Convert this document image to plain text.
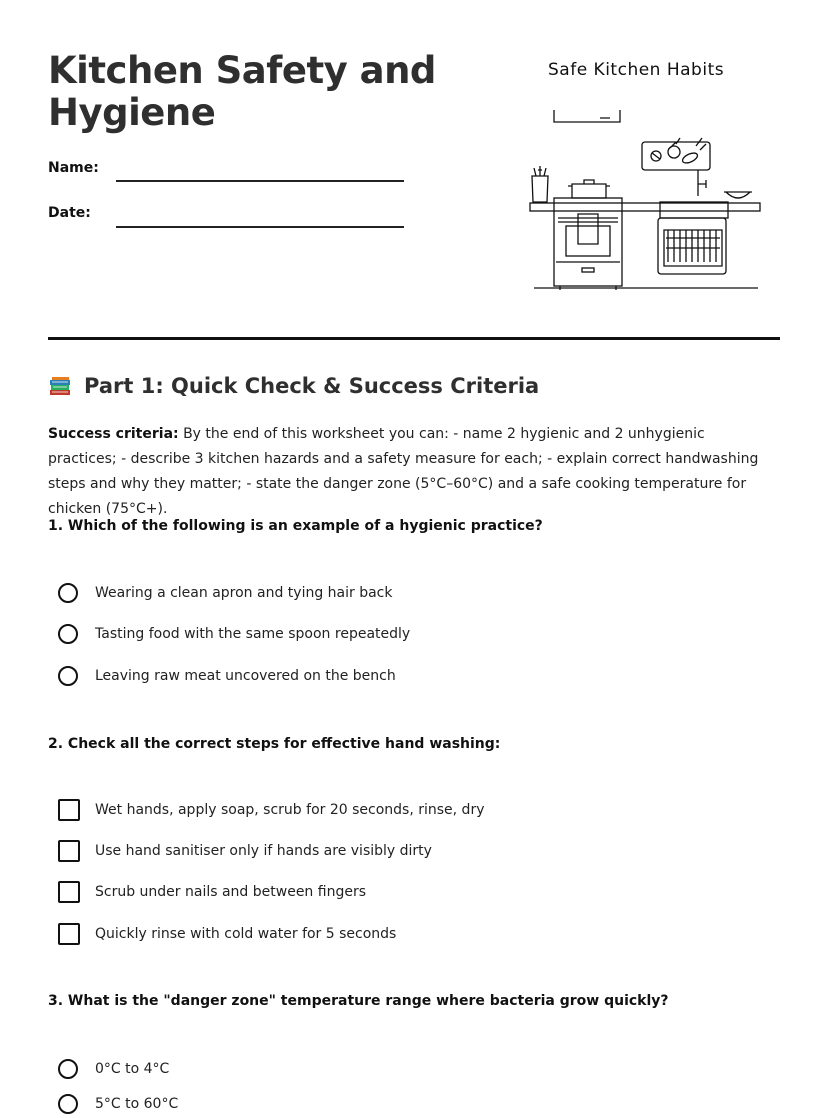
Kitchen Safety and
Hygiene
Name:
Date:
Safe Kitchen Habits
Part 1: Quick Check & Success Criteria

Success criteria: By the end of this worksheet you can: - name 2 hygienic and 2 unhygienic practices; - describe 3 kitchen hazards and a safety measure for each; - explain correct handwashing steps and why they matter; - state the danger zone (5°C–60°C) and a safe cooking temperature for chicken (75°C+).

1. Which of the following is an example of a hygienic practice?

Wearing a clean apron and tying hair back
Tasting food with the same spoon repeatedly
Leaving raw meat uncovered on the bench

2. Check all the correct steps for effective hand washing:

Wet hands, apply soap, scrub for 20 seconds, rinse, dry
Use hand sanitiser only if hands are visibly dirty
Scrub under nails and between fingers
Quickly rinse with cold water for 5 seconds

3. What is the "danger zone" temperature range where bacteria grow quickly?

0°C to 4°C
5°C to 60°C
